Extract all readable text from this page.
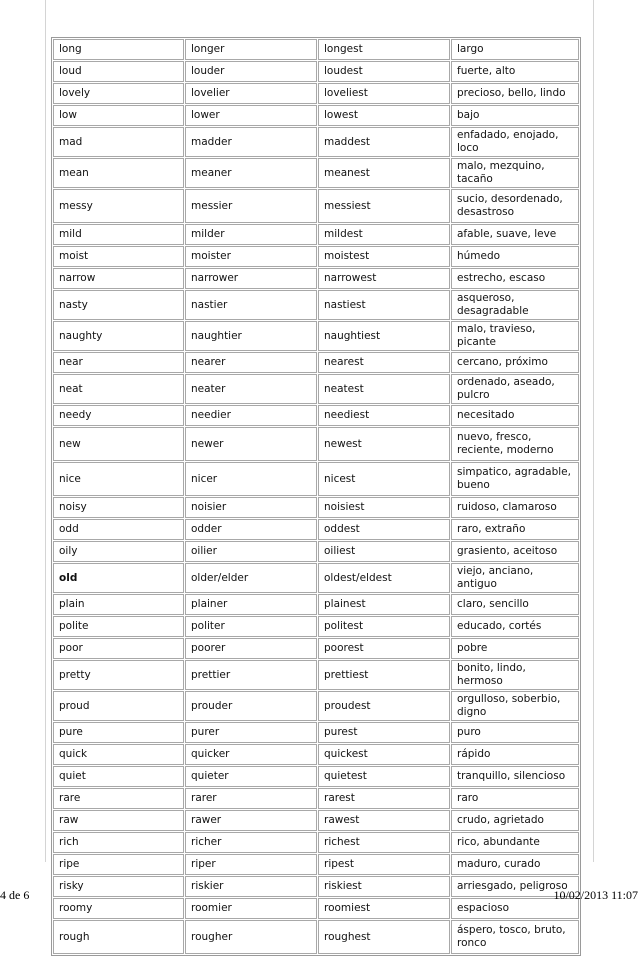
long	longer	longest	largo
loud	louder	loudest	fuerte, alto
lovely	lovelier	loveliest	precioso, bello, lindo
low	lower	lowest	bajo
mad	madder	maddest	enfadado, enojado, loco
mean	meaner	meanest	malo, mezquino, tacaño
messy	messier	messiest	sucio, desordenado, desastroso
mild	milder	mildest	afable, suave, leve
moist	moister	moistest	húmedo
narrow	narrower	narrowest	estrecho, escaso
nasty	nastier	nastiest	asqueroso, desagradable
naughty	naughtier	naughtiest	malo, travieso, picante
near	nearer	nearest	cercano, próximo
neat	neater	neatest	ordenado, aseado, pulcro
needy	needier	neediest	necesitado
new	newer	newest	nuevo, fresco, reciente, moderno
nice	nicer	nicest	simpatico, agradable, bueno
noisy	noisier	noisiest	ruidoso, clamaroso
odd	odder	oddest	raro, extraño
oily	oilier	oiliest	grasiento, aceitoso
old	older/elder	oldest/eldest	viejo, anciano, antiguo
plain	plainer	plainest	claro, sencillo
polite	politer	politest	educado, cortés
poor	poorer	poorest	pobre
pretty	prettier	prettiest	bonito, lindo, hermoso
proud	prouder	proudest	orgulloso, soberbio, digno
pure	purer	purest	puro
quick	quicker	quickest	rápido
quiet	quieter	quietest	tranquillo, silencioso
rare	rarer	rarest	raro
raw	rawer	rawest	crudo, agrietado
rich	richer	richest	rico, abundante
ripe	riper	ripest	maduro, curado
risky	riskier	riskiest	arriesgado, peligroso
roomy	roomier	roomiest	espacioso
rough	rougher	roughest	áspero, tosco, bruto, ronco
4 de 6	10/02/2013 11:07
